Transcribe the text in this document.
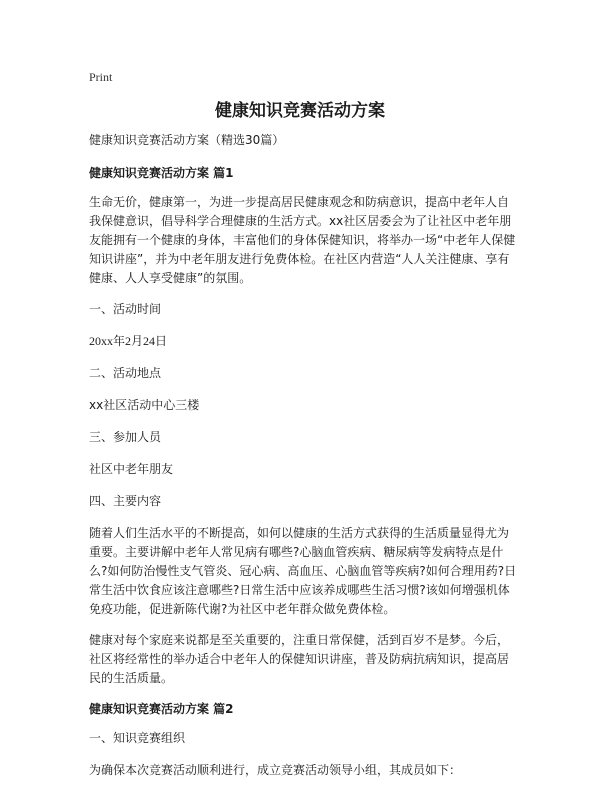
Print
健康知识竞赛活动方案

健康知识竞赛活动方案（精选30篇）

健康知识竞赛活动方案 篇1

生命无价，健康第一，为进一步提高居民健康观念和防病意识，提高中老年人自我保健意识，倡导科学合理健康的生活方式。xx社区居委会为了让社区中老年朋友能拥有一个健康的身体，丰富他们的身体保健知识，将举办一场“中老年人保健知识讲座”，并为中老年朋友进行免费体检。在社区内营造“人人关注健康、享有健康、人人享受健康”的氛围。

一、活动时间

20xx年2月24日

二、活动地点

xx社区活动中心三楼

三、参加人员

社区中老年朋友

四、主要内容

随着人们生活水平的不断提高，如何以健康的生活方式获得的生活质量显得尤为重要。主要讲解中老年人常见病有哪些?心脑血管疾病、糖尿病等发病特点是什么?如何防治慢性支气管炎、冠心病、高血压、心脑血管等疾病?如何合理用药?日常生活中饮食应该注意哪些?日常生活中应该养成哪些生活习惯?该如何增强机体免疫功能，促进新陈代谢?为社区中老年群众做免费体检。

健康对每个家庭来说都是至关重要的，注重日常保健，活到百岁不是梦。今后，社区将经常性的举办适合中老年人的保健知识讲座，普及防病抗病知识，提高居民的生活质量。

健康知识竞赛活动方案 篇2

一、知识竞赛组织

为确保本次竞赛活动顺利进行，成立竞赛活动领导小组，其成员如下：
